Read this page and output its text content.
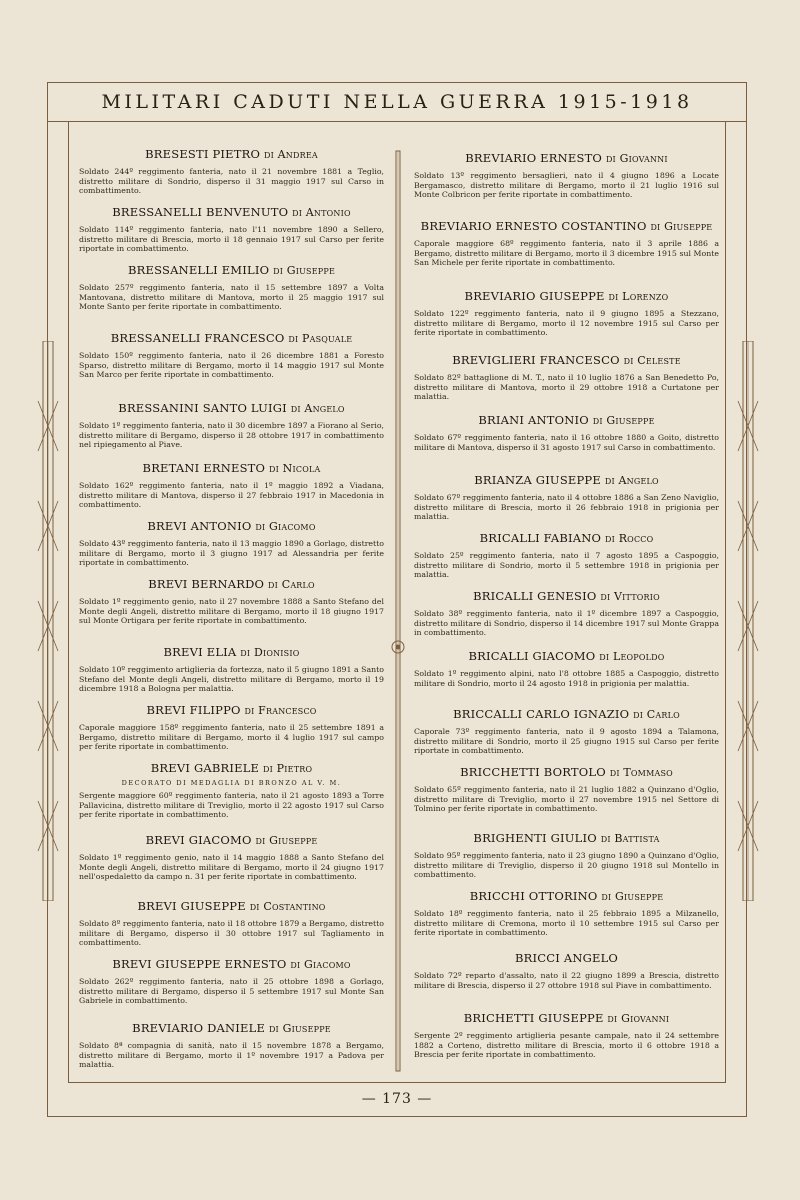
MILITARI CADUTI NELLA GUERRA 1915-1918
BRESESTI PIETRO di Andrea
Soldato 244º reggimento fanteria, nato il 21 novembre 1881 a Teglio, distretto militare di Sondrio, disperso il 31 maggio 1917 sul Carso in combattimento.
BRESSANELLI BENVENUTO di Antonio
Soldato 114º reggimento fanteria, nato l'11 novembre 1890 a Sellero, distretto militare di Brescia, morto il 18 gennaio 1917 sul Carso per ferite riportate in combattimento.
BRESSANELLI EMILIO di Giuseppe
Soldato 257º reggimento fanteria, nato il 15 settembre 1897 a Volta Mantovana, distretto militare di Mantova, morto il 25 maggio 1917 sul Monte Santo per ferite riportate in combattimento.
BRESSANELLI FRANCESCO di Pasquale
Soldato 150º reggimento fanteria, nato il 26 dicembre 1881 a Foresto Sparso, distretto militare di Bergamo, morto il 14 maggio 1917 sul Monte San Marco per ferite riportate in combattimento.
BRESSANINI SANTO LUIGI di Angelo
Soldato 1º reggimento fanteria, nato il 30 dicembre 1897 a Fiorano al Serio, distretto militare di Bergamo, disperso il 28 ottobre 1917 in combattimento nel ripiegamento al Piave.
BRETANI ERNESTO di Nicola
Soldato 162º reggimento fanteria, nato il 1º maggio 1892 a Viadana, distretto militare di Mantova, disperso il 27 febbraio 1917 in Macedonia in combattimento.
BREVI ANTONIO di Giacomo
Soldato 43º reggimento fanteria, nato il 13 maggio 1890 a Gorlago, distretto militare di Bergamo, morto il 3 giugno 1917 ad Alessandria per ferite riportate in combattimento.
BREVI BERNARDO di Carlo
Soldato 1º reggimento genio, nato il 27 novembre 1888 a Santo Stefano del Monte degli Angeli, distretto militare di Bergamo, morto il 18 giugno 1917 sul Monte Ortigara per ferite riportate in combattimento.
BREVI ELIA di Dionisio
Soldato 10º reggimento artiglieria da fortezza, nato il 5 giugno 1891 a Santo Stefano del Monte degli Angeli, distretto militare di Bergamo, morto il 19 dicembre 1918 a Bologna per malattia.
BREVI FILIPPO di Francesco
Caporale maggiore 158º reggimento fanteria, nato il 25 settembre 1891 a Bergamo, distretto militare di Bergamo, morto il 4 luglio 1917 sul campo per ferite riportate in combattimento.
BREVI GABRIELE di Pietro
DECORATO DI MEDAGLIA DI BRONZO AL V. M.
Sergente maggiore 60º reggimento fanteria, nato il 21 agosto 1893 a Torre Pallavicina, distretto militare di Treviglio, morto il 22 agosto 1917 sul Carso per ferite riportate in combattimento.
BREVI GIACOMO di Giuseppe
Soldato 1º reggimento genio, nato il 14 maggio 1888 a Santo Stefano del Monte degli Angeli, distretto militare di Bergamo, morto il 24 giugno 1917 nell'ospedaletto da campo n. 31 per ferite riportate in combattimento.
BREVI GIUSEPPE di Costantino
Soldato 8º reggimento fanteria, nato il 18 ottobre 1879 a Bergamo, distretto militare di Bergamo, disperso il 30 ottobre 1917 sul Tagliamento in combattimento.
BREVI GIUSEPPE ERNESTO di Giacomo
Soldato 262º reggimento fanteria, nato il 25 ottobre 1898 a Gorlago, distretto militare di Bergamo, disperso il 5 settembre 1917 sul Monte San Gabriele in combattimento.
BREVIARIO DANIELE di Giuseppe
Soldato 8ª compagnia di sanità, nato il 15 novembre 1878 a Bergamo, distretto militare di Bergamo, morto il 1º novembre 1917 a Padova per malattia.
BREVIARIO ERNESTO di Giovanni
Soldato 13º reggimento bersaglieri, nato il 4 giugno 1896 a Locate Bergamasco, distretto militare di Bergamo, morto il 21 luglio 1916 sul Monte Colbricon per ferite riportate in combattimento.
BREVIARIO ERNESTO COSTANTINO di Giuseppe
Caporale maggiore 68º reggimento fanteria, nato il 3 aprile 1886 a Bergamo, distretto militare di Bergamo, morto il 3 dicembre 1915 sul Monte San Michele per ferite riportate in combattimento.
BREVIARIO GIUSEPPE di Lorenzo
Soldato 122º reggimento fanteria, nato il 9 giugno 1895 a Stezzano, distretto militare di Bergamo, morto il 12 novembre 1915 sul Carso per ferite riportate in combattimento.
BREVIGLIERI FRANCESCO di Celeste
Soldato 82º battaglione di M. T., nato il 10 luglio 1876 a San Benedetto Po, distretto militare di Mantova, morto il 29 ottobre 1918 a Curtatone per malattia.
BRIANI ANTONIO di Giuseppe
Soldato 67º reggimento fanteria, nato il 16 ottobre 1880 a Goito, distretto militare di Mantova, disperso il 31 agosto 1917 sul Carso in combattimento.
BRIANZA GIUSEPPE di Angelo
Soldato 67º reggimento fanteria, nato il 4 ottobre 1886 a San Zeno Naviglio, distretto militare di Brescia, morto il 26 febbraio 1918 in prigionia per malattia.
BRICALLI FABIANO di Rocco
Soldato 25º reggimento fanteria, nato il 7 agosto 1895 a Caspoggio, distretto militare di Sondrio, morto il 5 settembre 1918 in prigionia per malattia.
BRICALLI GENESIO di Vittorio
Soldato 38º reggimento fanteria, nato il 1º dicembre 1897 a Caspoggio, distretto militare di Sondrio, disperso il 14 dicembre 1917 sul Monte Grappa in combattimento.
BRICALLI GIACOMO di Leopoldo
Soldato 1º reggimento alpini, nato l'8 ottobre 1885 a Caspoggio, distretto militare di Sondrio, morto il 24 agosto 1918 in prigionia per malattia.
BRICCALLI CARLO IGNAZIO di Carlo
Caporale 73º reggimento fanteria, nato il 9 agosto 1894 a Talamona, distretto militare di Sondrio, morto il 25 giugno 1915 sul Carso per ferite riportate in combattimento.
BRICCHETTI BORTOLO di Tommaso
Soldato 65º reggimento fanteria, nato il 21 luglio 1882 a Quinzano d'Oglio, distretto militare di Treviglio, morto il 27 novembre 1915 nel Settore di Tolmino per ferite riportate in combattimento.
BRIGHENTI GIULIO di Battista
Soldato 95º reggimento fanteria, nato il 23 giugno 1890 a Quinzano d'Oglio, distretto militare di Treviglio, disperso il 20 giugno 1918 sul Montello in combattimento.
BRICCHI OTTORINO di Giuseppe
Soldato 18º reggimento fanteria, nato il 25 febbraio 1895 a Milzanello, distretto militare di Cremona, morto il 10 settembre 1915 sul Carso per ferite riportate in combattimento.
BRICCI ANGELO
Soldato 72º reparto d'assalto, nato il 22 giugno 1899 a Brescia, distretto militare di Brescia, disperso il 27 ottobre 1918 sul Piave in combattimento.
BRICHETTI GIUSEPPE di Giovanni
Sergente 2º reggimento artiglieria pesante campale, nato il 24 settembre 1882 a Corteno, distretto militare di Brescia, morto il 6 ottobre 1918 a Brescia per ferite riportate in combattimento.
— 173 —
